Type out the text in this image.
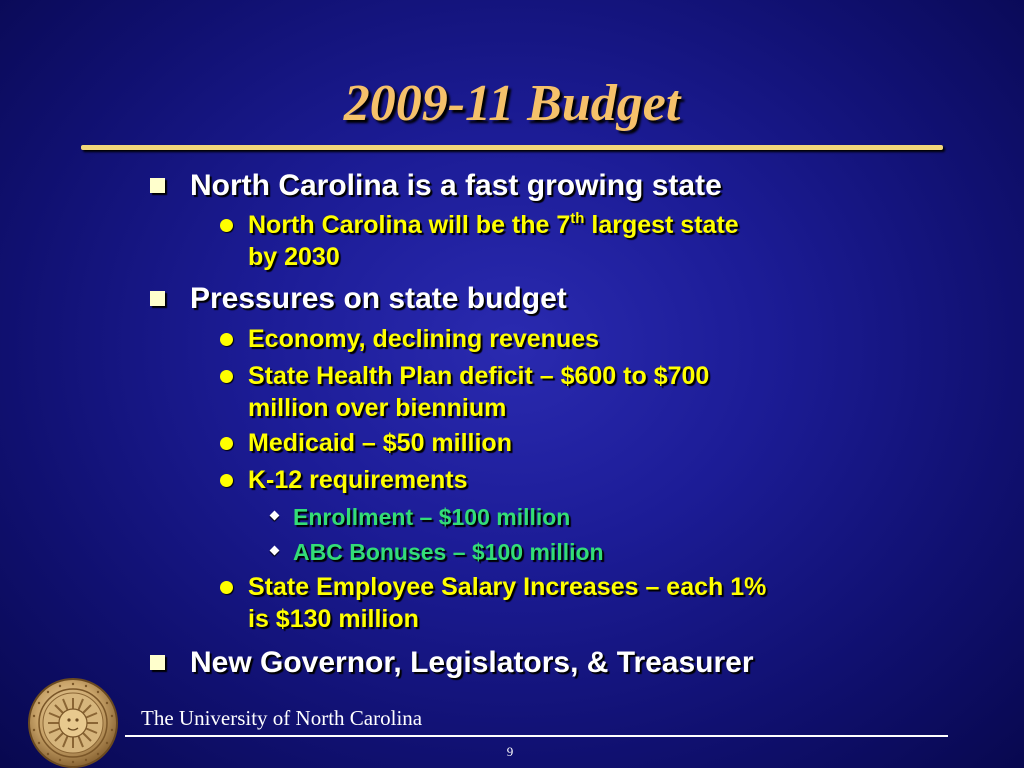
2009-11 Budget
North Carolina is a fast growing state
North Carolina will be the 7th largest state
by 2030
Pressures on state budget
Economy, declining revenues
State Health Plan deficit – $600 to $700
million over biennium
Medicaid – $50 million
K-12 requirements
Enrollment – $100 million
ABC Bonuses – $100 million
State Employee Salary Increases – each 1%
is $130 million
New Governor, Legislators, & Treasurer
The University of North Carolina
9
